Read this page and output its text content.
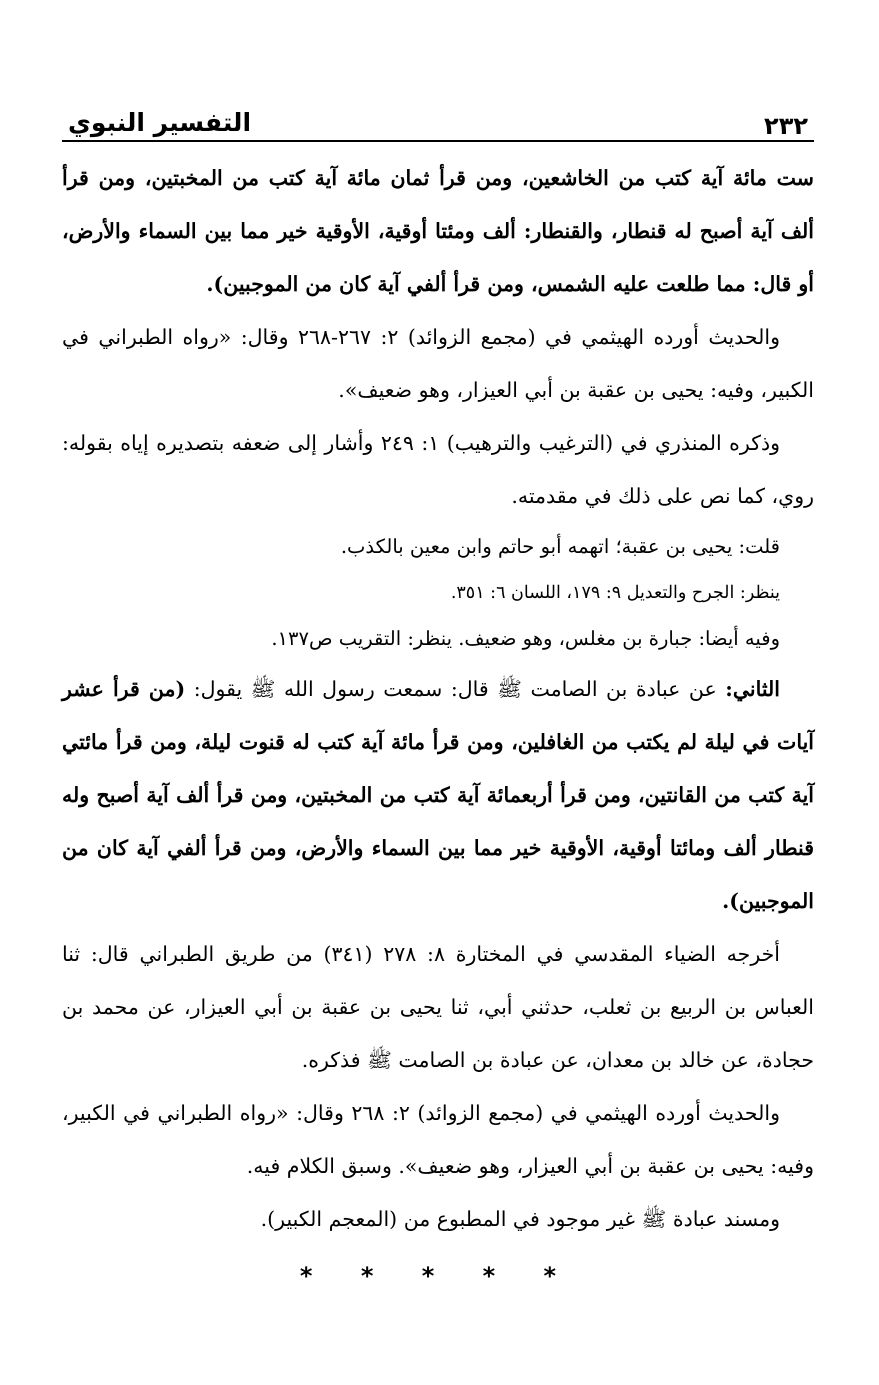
٢٣٢
التفسير النبوي

ست مائة آية كتب من الخاشعين، ومن قرأ ثمان مائة آية كتب من المخبتين، ومن قرأ ألف آية أصبح له قنطار، والقنطار: ألف ومئتا أوقية، الأوقية خير مما بين السماء والأرض، أو قال: مما طلعت عليه الشمس، ومن قرأ ألفي آية كان من الموجبين).

والحديث أورده الهيثمي في (مجمع الزوائد) ٢: ٢٦٧-٢٦٨ وقال: «رواه الطبراني في الكبير، وفيه: يحيى بن عقبة بن أبي العيزار، وهو ضعيف».

وذكره المنذري في (الترغيب والترهيب) ١: ٢٤٩ وأشار إلى ضعفه بتصديره إياه بقوله: روي، كما نص على ذلك في مقدمته.

قلت: يحيى بن عقبة؛ اتهمه أبو حاتم وابن معين بالكذب.

ينظر: الجرح والتعديل ٩: ١٧٩، اللسان ٦: ٣٥١.

وفيه أيضا: جبارة بن مغلس، وهو ضعيف. ينظر: التقريب ص١٣٧.

الثاني: عن عبادة بن الصامت ﷺ قال: سمعت رسول الله ﷺ يقول: (من قرأ عشر آيات في ليلة لم يكتب من الغافلين، ومن قرأ مائة آية كتب له قنوت ليلة، ومن قرأ مائتي آية كتب من القانتين، ومن قرأ أربعمائة آية كتب من المخبتين، ومن قرأ ألف آية أصبح وله قنطار ألف ومائتا أوقية، الأوقية خير مما بين السماء والأرض، ومن قرأ ألفي آية كان من الموجبين).

أخرجه الضياء المقدسي في المختارة ٨: ٢٧٨ (٣٤١) من طريق الطبراني قال: ثنا العباس بن الربيع بن ثعلب، حدثني أبي، ثنا يحيى بن عقبة بن أبي العيزار، عن محمد بن حجادة، عن خالد بن معدان، عن عبادة بن الصامت ﷺ فذكره.

والحديث أورده الهيثمي في (مجمع الزوائد) ٢: ٢٦٨ وقال: «رواه الطبراني في الكبير، وفيه: يحيى بن عقبة بن أبي العيزار، وهو ضعيف». وسبق الكلام فيه.

ومسند عبادة ﷺ غير موجود في المطبوع من (المعجم الكبير).

* * * * *
